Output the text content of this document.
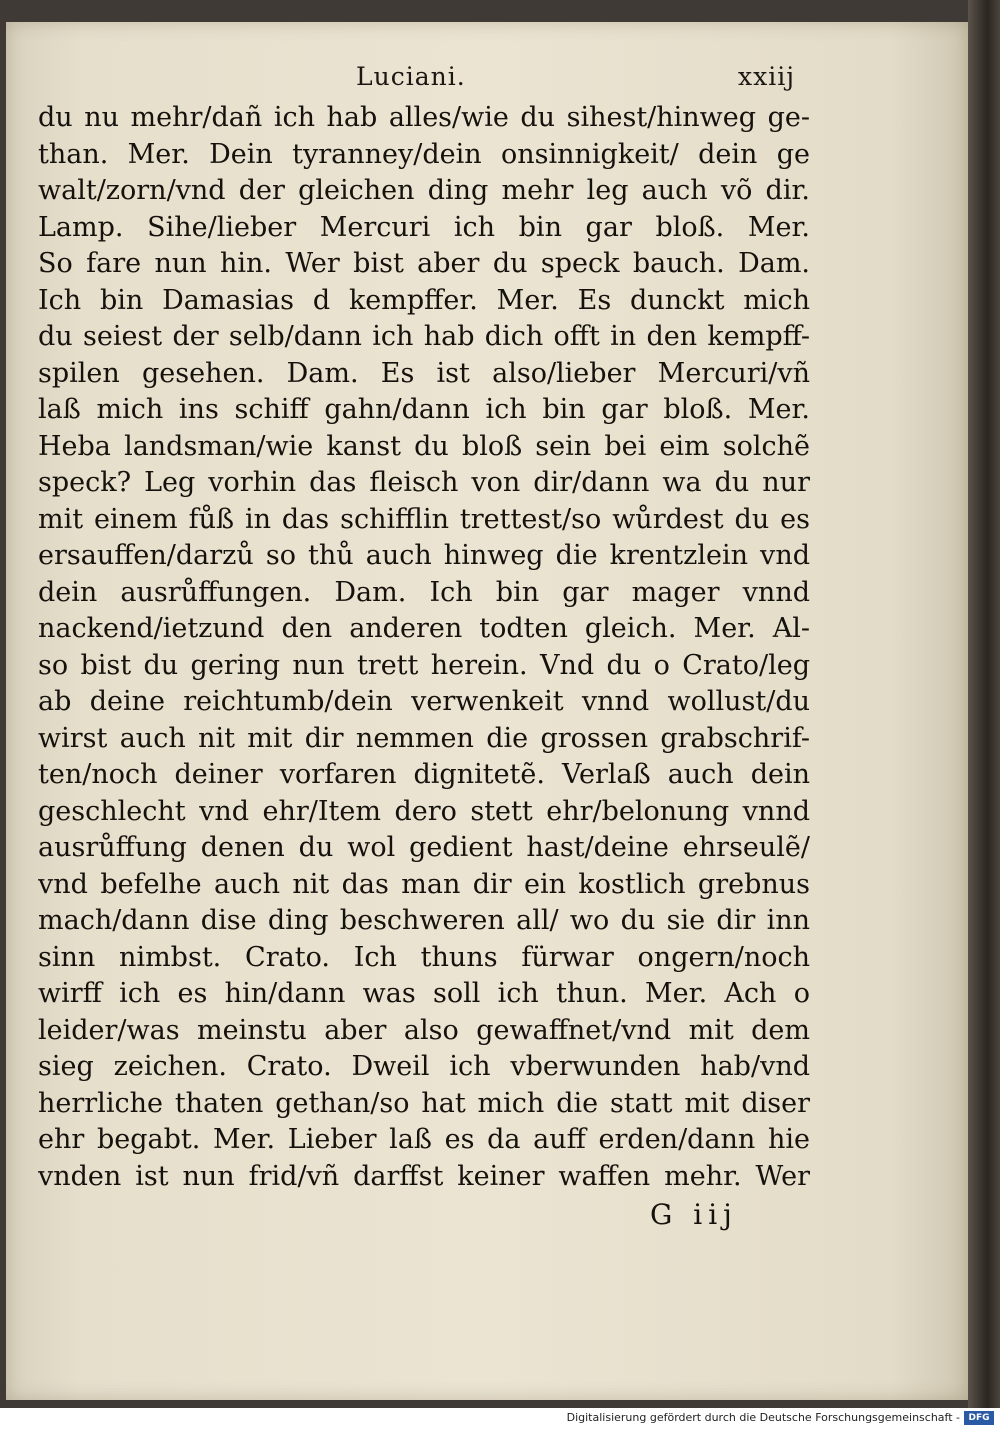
Luciani.	xxiij
du nu mehr/dañ ich hab alles/wie du sihest/hinweg ge-
than. Mer. Dein tyranney/dein onsinnigkeit/ dein ge
walt/zorn/vnd der gleichen ding mehr leg auch võ dir.
Lamp. Sihe/lieber Mercuri ich bin gar bloß. Mer.
So fare nun hin. Wer bist aber du speck bauch. Dam.
Ich bin Damasias d kempffer. Mer. Es dunckt mich
du seiest der selb/dann ich hab dich offt in den kempff-
spilen gesehen. Dam. Es ist also/lieber Mercuri/vñ
laß mich ins schiff gahn/dann ich bin gar bloß. Mer.
Heba landsman/wie kanst du bloß sein bei eim solchẽ
speck? Leg vorhin das fleisch von dir/dann wa du nur
mit einem fůß in das schifflin trettest/so wůrdest du es
ersauffen/darzů so thů auch hinweg die krentzlein vnd
dein ausrůffungen. Dam. Ich bin gar mager vnnd
nackend/ietzund den anderen todten gleich. Mer. Al-
so bist du gering nun trett herein. Vnd du o Crato/leg
ab deine reichtumb/dein verwenkeit vnnd wollust/du
wirst auch nit mit dir nemmen die grossen grabschrif-
ten/noch deiner vorfaren dignitetẽ. Verlaß auch dein
geschlecht vnd ehr/Item dero stett ehr/belonung vnnd
ausrůffung denen du wol gedient hast/deine ehrseulẽ/
vnd befelhe auch nit das man dir ein kostlich grebnus
mach/dann dise ding beschweren all/ wo du sie dir inn
sinn nimbst. Crato. Ich thuns fürwar ongern/noch
wirff ich es hin/dann was soll ich thun. Mer. Ach o
leider/was meinstu aber also gewaffnet/vnd mit dem
sieg zeichen. Crato. Dweil ich vberwunden hab/vnd
herrliche thaten gethan/so hat mich die statt mit diser
ehr begabt. Mer. Lieber laß es da auff erden/dann hie
vnden ist nun frid/vñ darffst keiner waffen mehr. Wer
G iij
Digitalisierung gefördert durch die Deutsche Forschungsgemeinschaft - DFG
